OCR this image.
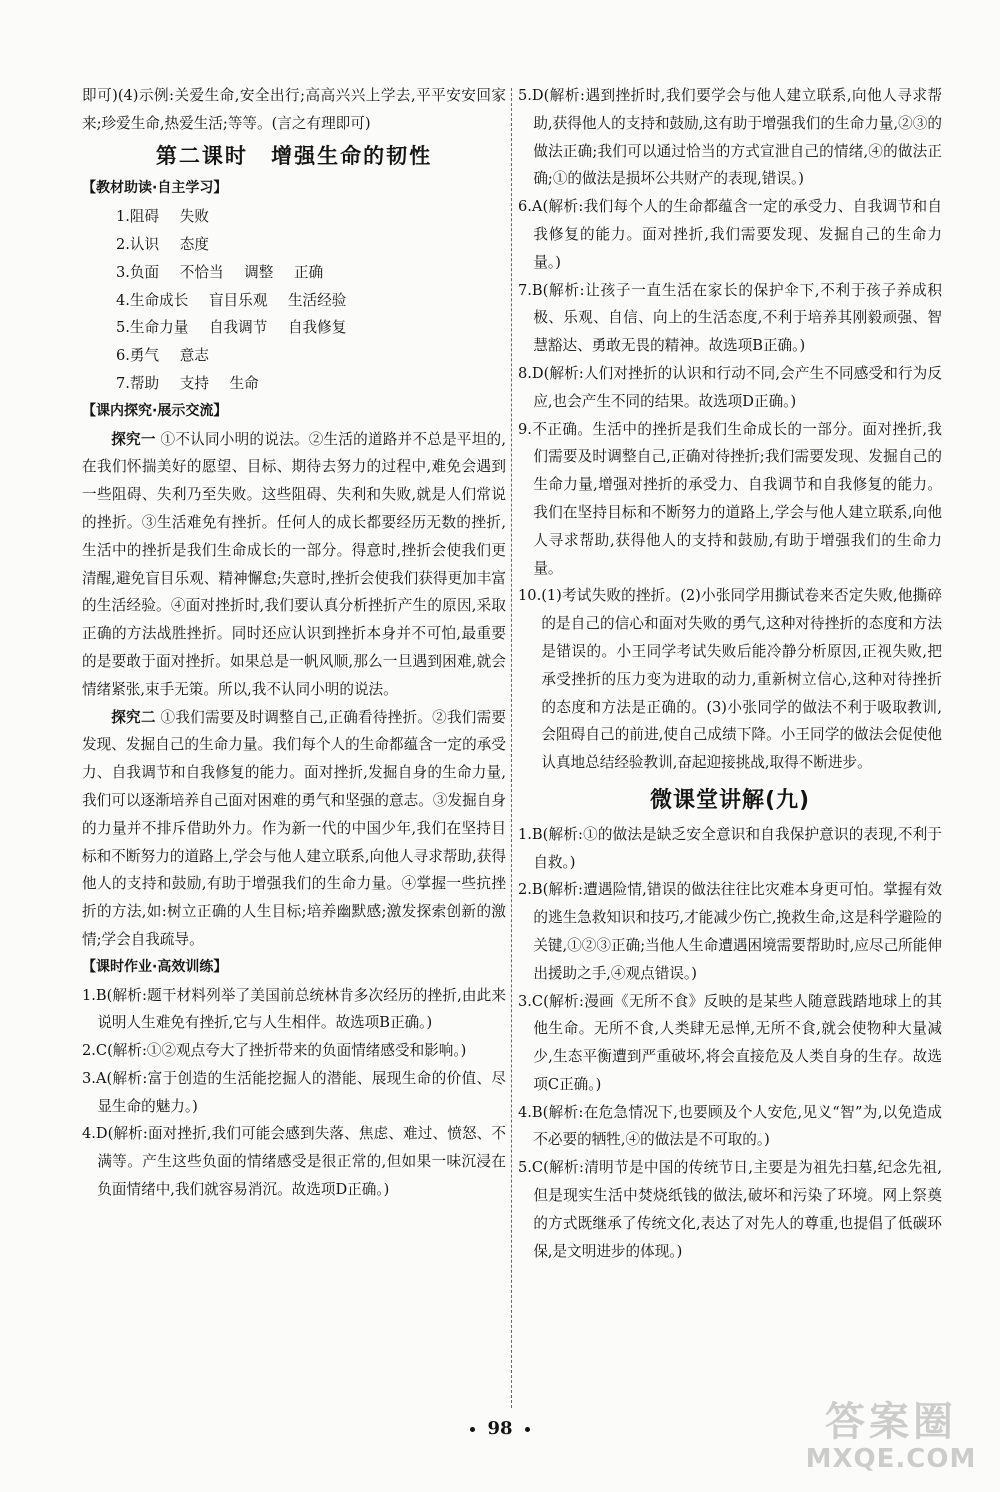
即可)(4)示例:关爱生命,安全出行;高高兴兴上学去,平平安安回家来;珍爱生命,热爱生活;等等。(言之有理即可)

第二课时 增强生命的韧性

【教材助读·自主学习】

1.阻碍 失败

2.认识 态度

3.负面 不恰当 调整 正确

4.生命成长 盲目乐观 生活经验

5.生命力量 自我调节 自我修复

6.勇气 意志

7.帮助 支持 生命

【课内探究·展示交流】

探究一 ①不认同小明的说法。②生活的道路并不总是平坦的,在我们怀揣美好的愿望、目标、期待去努力的过程中,难免会遇到一些阻碍、失利乃至失败。这些阻碍、失利和失败,就是人们常说的挫折。③生活难免有挫折。任何人的成长都要经历无数的挫折,生活中的挫折是我们生命成长的一部分。得意时,挫折会使我们更清醒,避免盲目乐观、精神懈怠;失意时,挫折会使我们获得更加丰富的生活经验。④面对挫折时,我们要认真分析挫折产生的原因,采取正确的方法战胜挫折。同时还应认识到挫折本身并不可怕,最重要的是要敢于面对挫折。如果总是一帆风顺,那么一旦遇到困难,就会情绪紧张,束手无策。所以,我不认同小明的说法。

探究二 ①我们需要及时调整自己,正确看待挫折。②我们需要发现、发掘自己的生命力量。我们每个人的生命都蕴含一定的承受力、自我调节和自我修复的能力。面对挫折,发掘自身的生命力量,我们可以逐渐培养自己面对困难的勇气和坚强的意志。③发掘自身的力量并不排斥借助外力。作为新一代的中国少年,我们在坚持目标和不断努力的道路上,学会与他人建立联系,向他人寻求帮助,获得他人的支持和鼓励,有助于增强我们的生命力量。④掌握一些抗挫折的方法,如:树立正确的人生目标;培养幽默感;激发探索创新的激情;学会自我疏导。

【课时作业·高效训练】

1.B(解析:题干材料列举了美国前总统林肯多次经历的挫折,由此来说明人生难免有挫折,它与人生相伴。故选项B正确。)

2.C(解析:①②观点夸大了挫折带来的负面情绪感受和影响。)

3.A(解析:富于创造的生活能挖掘人的潜能、展现生命的价值、尽显生命的魅力。)

4.D(解析:面对挫折,我们可能会感到失落、焦虑、难过、愤怒、不满等。产生这些负面的情绪感受是很正常的,但如果一味沉浸在负面情绪中,我们就容易消沉。故选项D正确。)

5.D(解析:遇到挫折时,我们要学会与他人建立联系,向他人寻求帮助,获得他人的支持和鼓励,这有助于增强我们的生命力量,②③的做法正确;我们可以通过恰当的方式宣泄自己的情绪,④的做法正确;①的做法是损坏公共财产的表现,错误。)

6.A(解析:我们每个人的生命都蕴含一定的承受力、自我调节和自我修复的能力。面对挫折,我们需要发现、发掘自己的生命力量。)

7.B(解析:让孩子一直生活在家长的保护伞下,不利于孩子养成积极、乐观、自信、向上的生活态度,不利于培养其刚毅顽强、智慧豁达、勇敢无畏的精神。故选项B正确。)

8.D(解析:人们对挫折的认识和行动不同,会产生不同感受和行为反应,也会产生不同的结果。故选项D正确。)

9.不正确。生活中的挫折是我们生命成长的一部分。面对挫折,我们需要及时调整自己,正确对待挫折;我们需要发现、发掘自己的生命力量,增强对挫折的承受力、自我调节和自我修复的能力。我们在坚持目标和不断努力的道路上,学会与他人建立联系,向他人寻求帮助,获得他人的支持和鼓励,有助于增强我们的生命力量。

10.(1)考试失败的挫折。(2)小张同学用撕试卷来否定失败,他撕碎的是自己的信心和面对失败的勇气,这种对待挫折的态度和方法是错误的。小王同学考试失败后能冷静分析原因,正视失败,把承受挫折的压力变为进取的动力,重新树立信心,这种对待挫折的态度和方法是正确的。(3)小张同学的做法不利于吸取教训,会阻碍自己的前进,使自己成绩下降。小王同学的做法会促使他认真地总结经验教训,奋起迎接挑战,取得不断进步。

微课堂讲解(九)

1.B(解析:①的做法是缺乏安全意识和自我保护意识的表现,不利于自救。)

2.B(解析:遭遇险情,错误的做法往往比灾难本身更可怕。掌握有效的逃生急救知识和技巧,才能减少伤亡,挽救生命,这是科学避险的关键,①②③正确;当他人生命遭遇困境需要帮助时,应尽己所能伸出援助之手,④观点错误。)

3.C(解析:漫画《无所不食》反映的是某些人随意践踏地球上的其他生命。无所不食,人类肆无忌惮,无所不食,就会使物种大量减少,生态平衡遭到严重破坏,将会直接危及人类自身的生存。故选项C正确。)

4.B(解析:在危急情况下,也要顾及个人安危,见义“智”为,以免造成不必要的牺牲,④的做法是不可取的。)

5.C(解析:清明节是中国的传统节日,主要是为祖先扫墓,纪念先祖,但是现实生活中焚烧纸钱的做法,破坏和污染了环境。网上祭奠的方式既继承了传统文化,表达了对先人的尊重,也提倡了低碳环保,是文明进步的体现。)

98	答案圈
MXQE.COM
